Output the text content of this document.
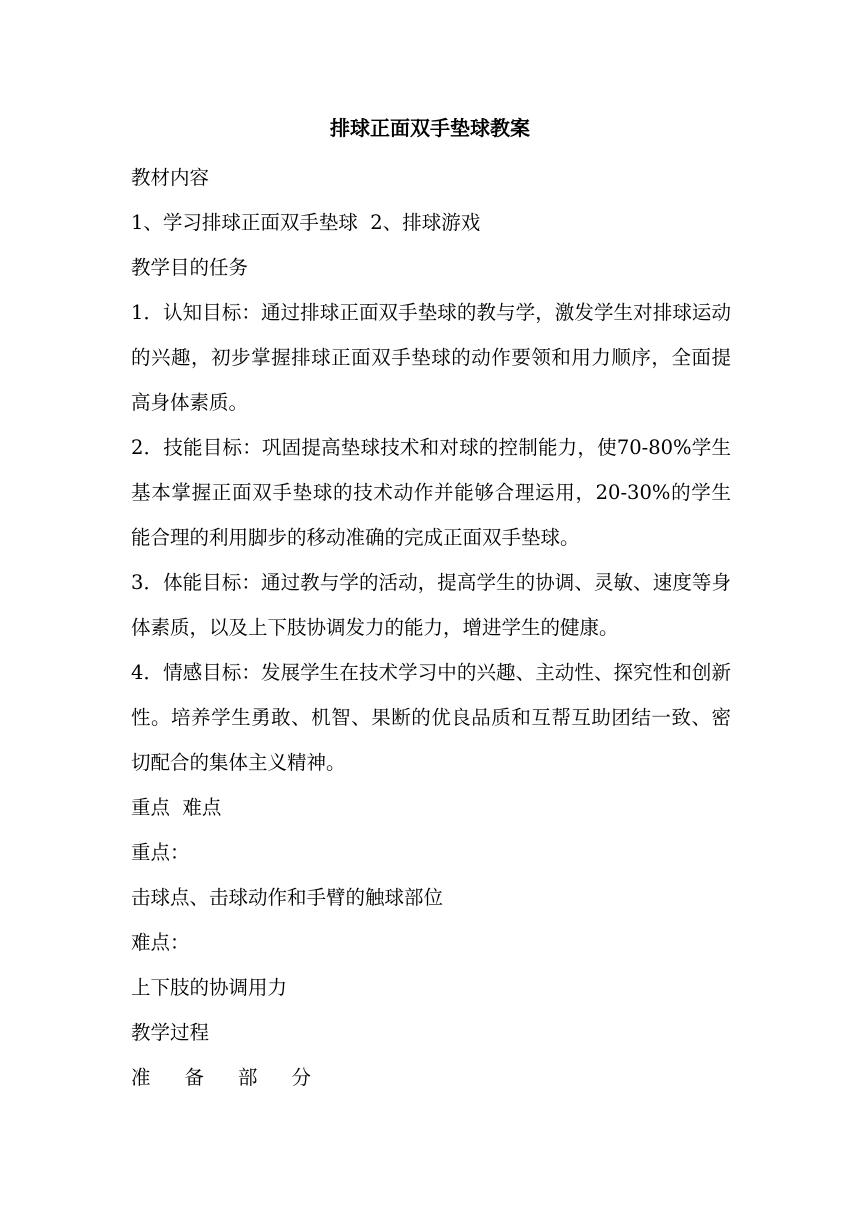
排球正面双手垫球教案

教材内容

1、学习排球正面双手垫球  2、排球游戏

教学目的任务

1．认知目标：通过排球正面双手垫球的教与学，激发学生对排球运动的兴趣，初步掌握排球正面双手垫球的动作要领和用力顺序，全面提高身体素质。

2．技能目标：巩固提高垫球技术和对球的控制能力，使70-80%学生基本掌握正面双手垫球的技术动作并能够合理运用，20-30%的学生能合理的利用脚步的移动准确的完成正面双手垫球。

3．体能目标：通过教与学的活动，提高学生的协调、灵敏、速度等身体素质，以及上下肢协调发力的能力，增进学生的健康。

4．情感目标：发展学生在技术学习中的兴趣、主动性、探究性和创新性。培养学生勇敢、机智、果断的优良品质和互帮互助团结一致、密切配合的集体主义精神。

重点  难点

重点：

击球点、击球动作和手臂的触球部位

难点：

上下肢的协调用力

教学过程

准备部分
